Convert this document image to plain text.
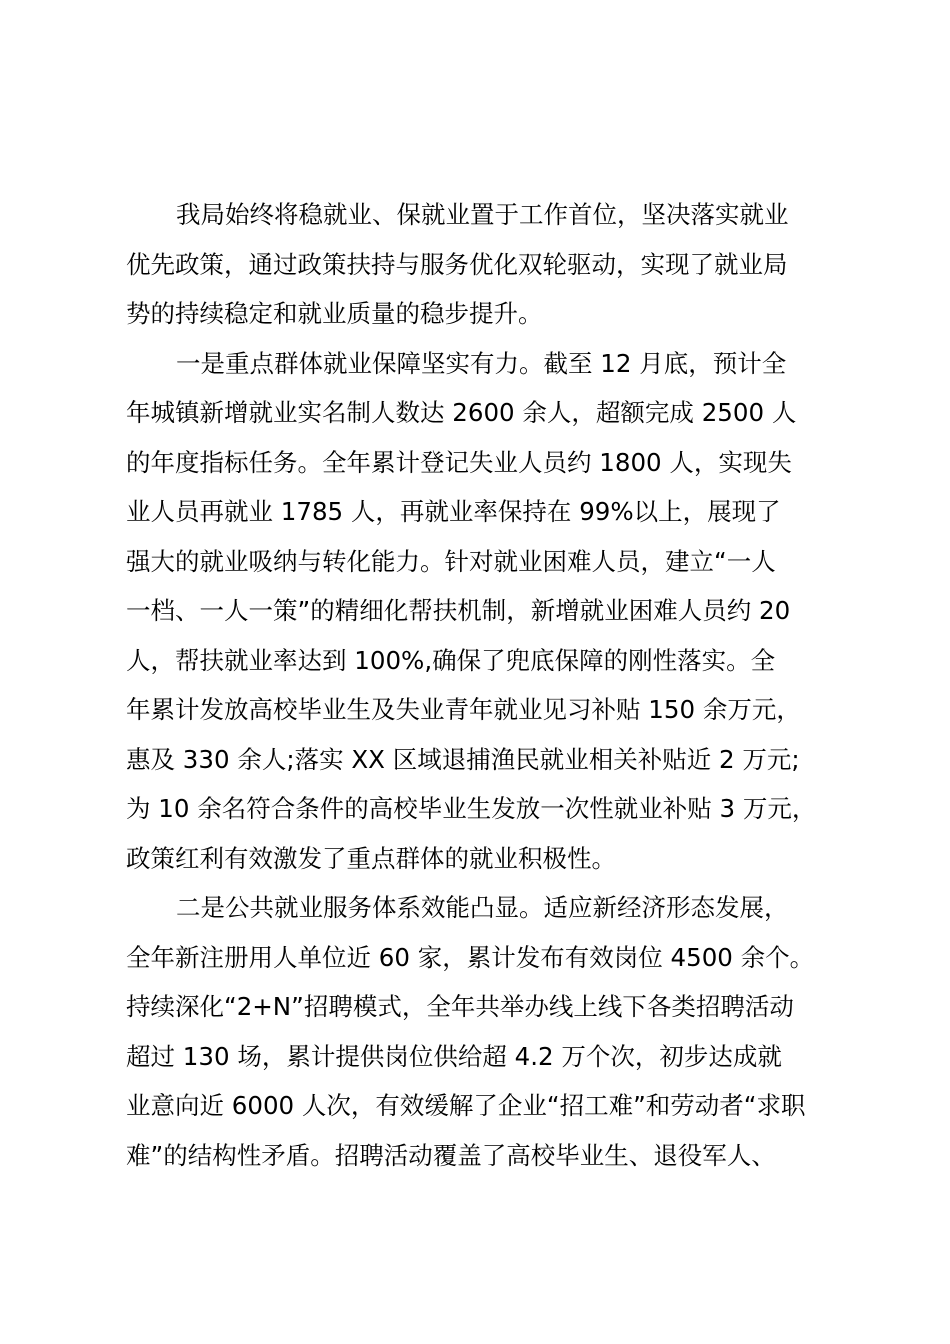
我局始终将稳就业、保就业置于工作首位，坚决落实就业
优先政策，通过政策扶持与服务优化双轮驱动，实现了就业局
势的持续稳定和就业质量的稳步提升。
一是重点群体就业保障坚实有力。截至 12 月底，预计全
年城镇新增就业实名制人数达 2600 余人，超额完成 2500 人
的年度指标任务。全年累计登记失业人员约 1800 人，实现失
业人员再就业 1785 人，再就业率保持在 99%以上，展现了
强大的就业吸纳与转化能力。针对就业困难人员，建立“一人
一档、一人一策”的精细化帮扶机制，新增就业困难人员约 20
人，帮扶就业率达到 100%,确保了兜底保障的刚性落实。全
年累计发放高校毕业生及失业青年就业见习补贴 150 余万元，
惠及 330 余人;落实 XX 区域退捕渔民就业相关补贴近 2 万元;
为 10 余名符合条件的高校毕业生发放一次性就业补贴 3 万元，
政策红利有效激发了重点群体的就业积极性。
二是公共就业服务体系效能凸显。适应新经济形态发展，
全年新注册用人单位近 60 家，累计发布有效岗位 4500 余个。
持续深化“2+N”招聘模式，全年共举办线上线下各类招聘活动
超过 130 场，累计提供岗位供给超 4.2 万个次，初步达成就
业意向近 6000 人次，有效缓解了企业“招工难”和劳动者“求职
难”的结构性矛盾。招聘活动覆盖了高校毕业生、退役军人、
